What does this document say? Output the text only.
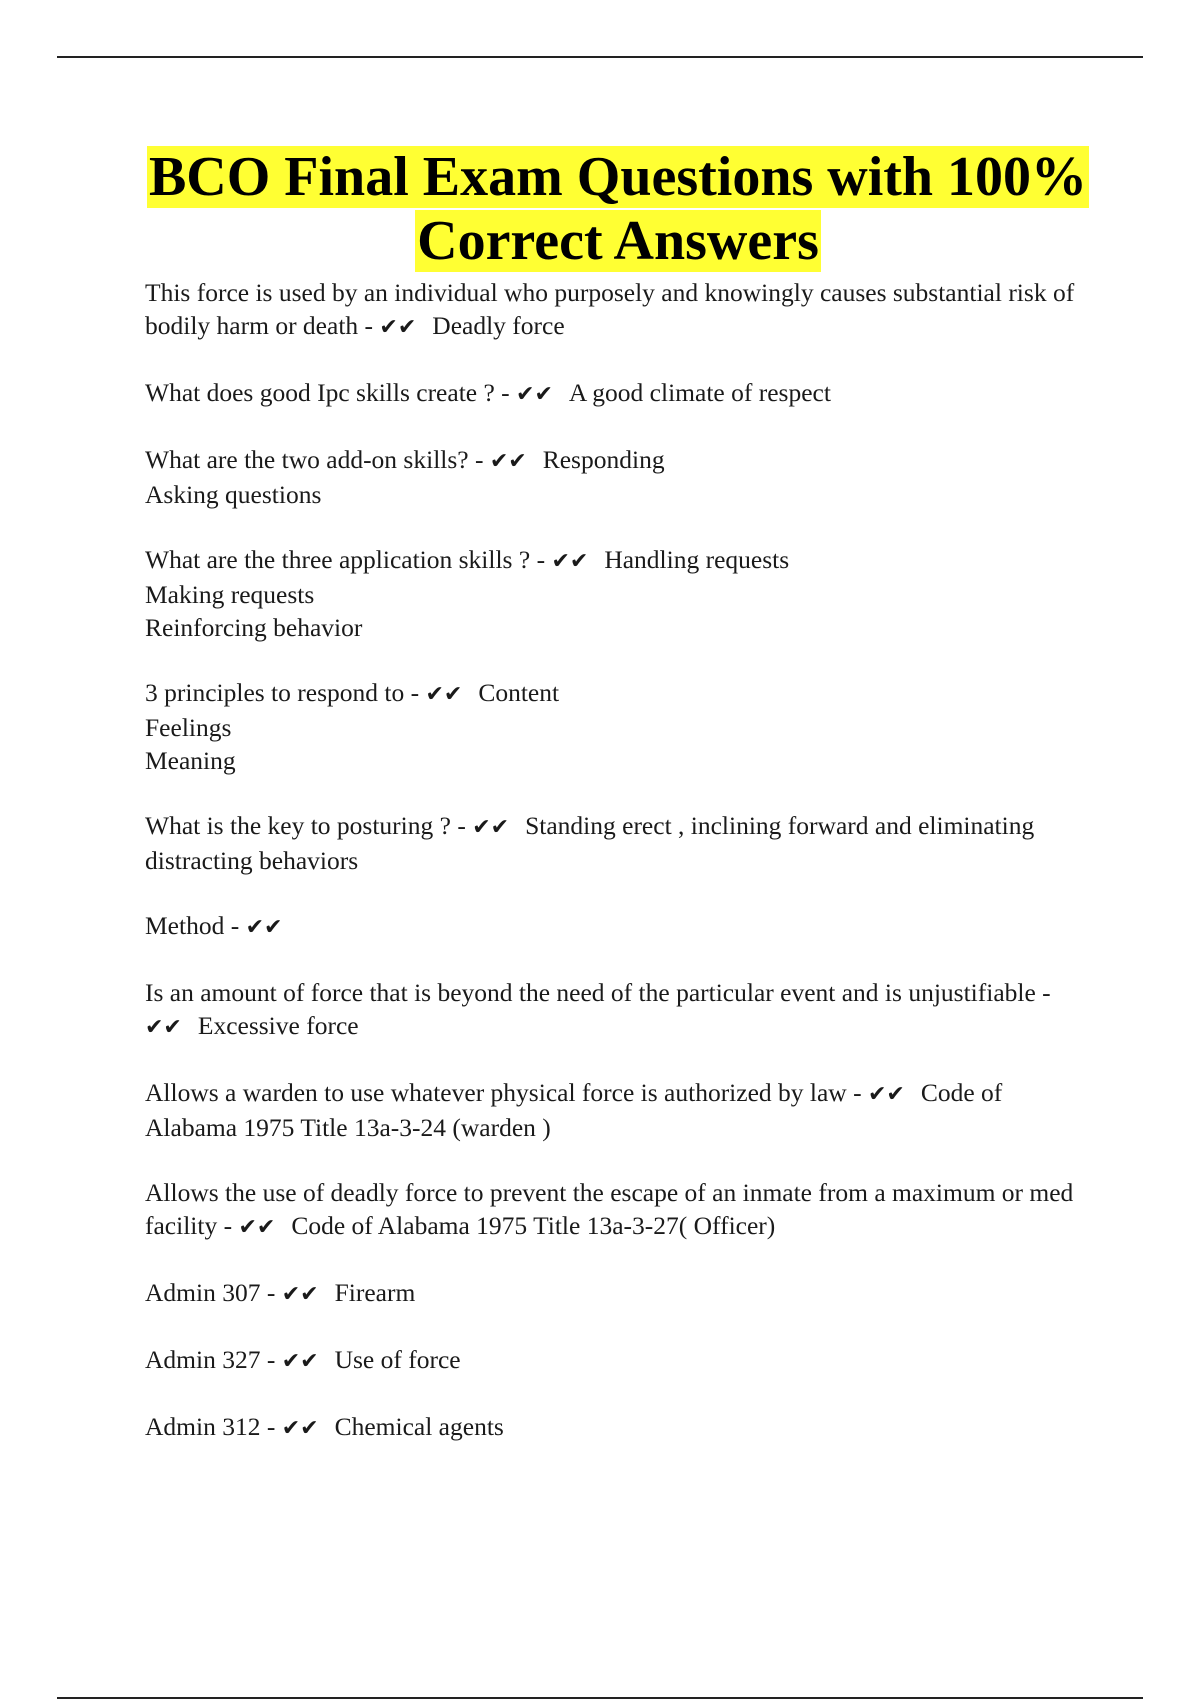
BCO Final Exam Questions with 100% Correct Answers
This force is used by an individual who purposely and knowingly causes substantial risk of bodily harm or death - ✔✔ Deadly force
What does good Ipc skills create ? - ✔✔ A good climate of respect
What are the two add-on skills? - ✔✔ Responding
Asking questions
What are the three application skills ? - ✔✔ Handling requests
Making requests
Reinforcing behavior
3 principles to respond to - ✔✔ Content
Feelings
Meaning
What is the key to posturing ? - ✔✔ Standing erect , inclining forward and eliminating distracting behaviors
Method - ✔✔
Is an amount of force that is beyond the need of the particular event and is unjustifiable - ✔✔ Excessive force
Allows a warden to use whatever physical force is authorized by law - ✔✔ Code of Alabama 1975 Title 13a-3-24 (warden )
Allows the use of deadly force to prevent the escape of an inmate from a maximum or med facility - ✔✔ Code of Alabama 1975 Title 13a-3-27( Officer)
Admin 307 - ✔✔ Firearm
Admin 327 - ✔✔ Use of force
Admin 312 - ✔✔ Chemical agents
